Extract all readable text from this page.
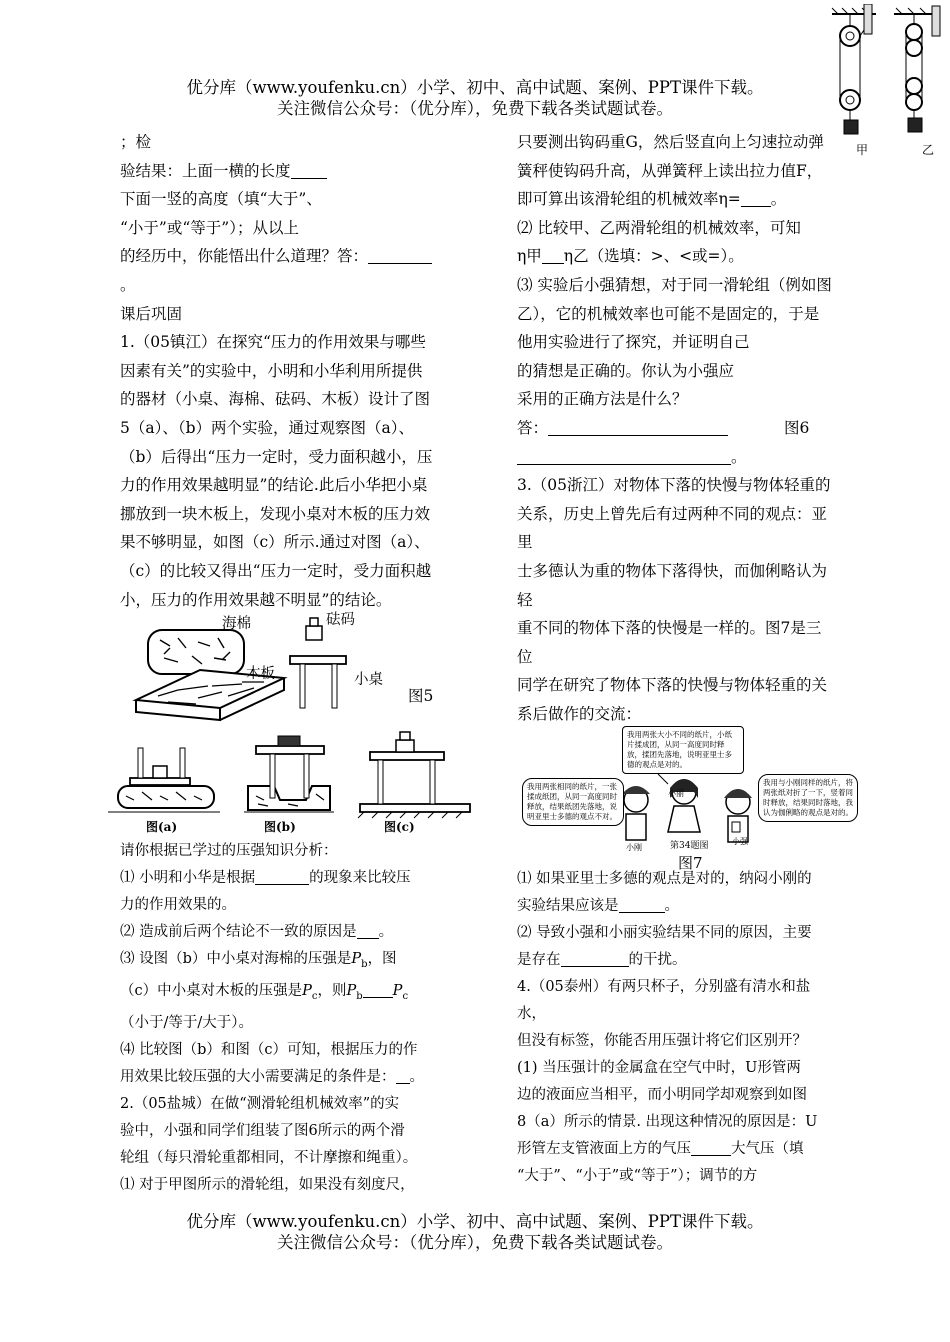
优分库（www.youfenku.cn）小学、初中、高中试题、案例、PPT课件下载。
关注微信公众号：（优分库），免费下载各类试题试卷。
甲	乙
；检
验结果：上面一横的长度
下面一竖的高度（填“大于”、
“小于”或“等于”）；从以上
的经历中，你能悟出什么道理？答：
。
课后巩固
1.（05镇江）在探究“压力的作用效果与哪些
因素有关”的实验中，小明和小华利用所提供
的器材（小桌、海棉、砝码、木板）设计了图
5（a）、（b）两个实验，通过观察图（a）、
（b）后得出“压力一定时，受力面积越小，压
力的作用效果越明显”的结论.此后小华把小桌
挪放到一块木板上，发现小桌对木板的压力效
果不够明显，如图（c）所示.通过对图（a）、
（c）的比较又得出“压力一定时，受力面积越
小，压力的作用效果越不明显”的结论。
海棉	砝码
木板	小桌
图5
图(a)	图(b)	图(c)
请你根据已学过的压强知识分析：
⑴ 小明和小华是根据	的现象来比较压
力的作用效果的。
⑵ 造成前后两个结论不一致的原因是 。
⑶ 设图（b）中小桌对海棉的压强是$P_b$，图
（c）中小桌对木板的压强是$P_c$，则$P_b$ $P_c$
（小于/等于/大于）。
⑷ 比较图（b）和图（c）可知，根据压力的作
用效果比较压强的大小需要满足的条件是： 。
2.（05盐城）在做“测滑轮组机械效率”的实
验中，小强和同学们组装了图6所示的两个滑
轮组（每只滑轮重都相同，不计摩擦和绳重）。
⑴ 对于甲图所示的滑轮组，如果没有刻度尺，
只要测出钩码重G，然后竖直向上匀速拉动弹
簧秤使钩码升高，从弹簧秤上读出拉力值F，
即可算出该滑轮组的机械效率η= 。
⑵ 比较甲、乙两滑轮组的机械效率，可知
η甲 η乙（选填：>、<或=）。
⑶ 实验后小强猜想，对于同一滑轮组（例如图
乙），它的机械效率也可能不是固定的，于是
他用实验进行了探究，并证明自己
的猜想是正确的。你认为小强应
采用的正确方法是什么？
答：	图6
。
3.（05浙江）对物体下落的快慢与物体轻重的
关系，历史上曾先后有过两种不同的观点：亚
里
士多德认为重的物体下落得快，而伽俐略认为
轻
重不同的物体下落的快慢是一样的。图7是三
位
同学在研究了物体下落的快慢与物体轻重的关
系后做作的交流：
我用两张大小不同的纸片，小纸片揉成团，从同一高度同时释放，揉团先落地，说明亚里士多德的观点是对的。
我用两张相同的纸片，一张揉成纸团，从同一高度同时释放，结果纸团先落地，说明亚里士多德的观点不对。
我用与小刚同样的纸片，将两张纸对折了一下，竖着同时释放，结果同时落地，我认为伽俐略的观点是对的。
小丽
小刚
小强
第34题图
图7
⑴ 如果亚里士多德的观点是对的，纳闷小刚的
实验结果应该是	。
⑵ 导致小强和小丽实验结果不同的原因，主要
是存在	的干扰。
4.（05泰州）有两只杯子，分别盛有清水和盐
水，
但没有标签，你能否用压强计将它们区别开？
(1) 当压强计的金属盒在空气中时，U形管两
边的液面应当相平，而小明同学却观察到如图
8（a）所示的情景. 出现这种情况的原因是：U
形管左支管液面上方的气压	大气压（填
“大于”、“小于”或“等于”）；调节的方
优分库（www.youfenku.cn）小学、初中、高中试题、案例、PPT课件下载。
关注微信公众号：（优分库），免费下载各类试题试卷。
